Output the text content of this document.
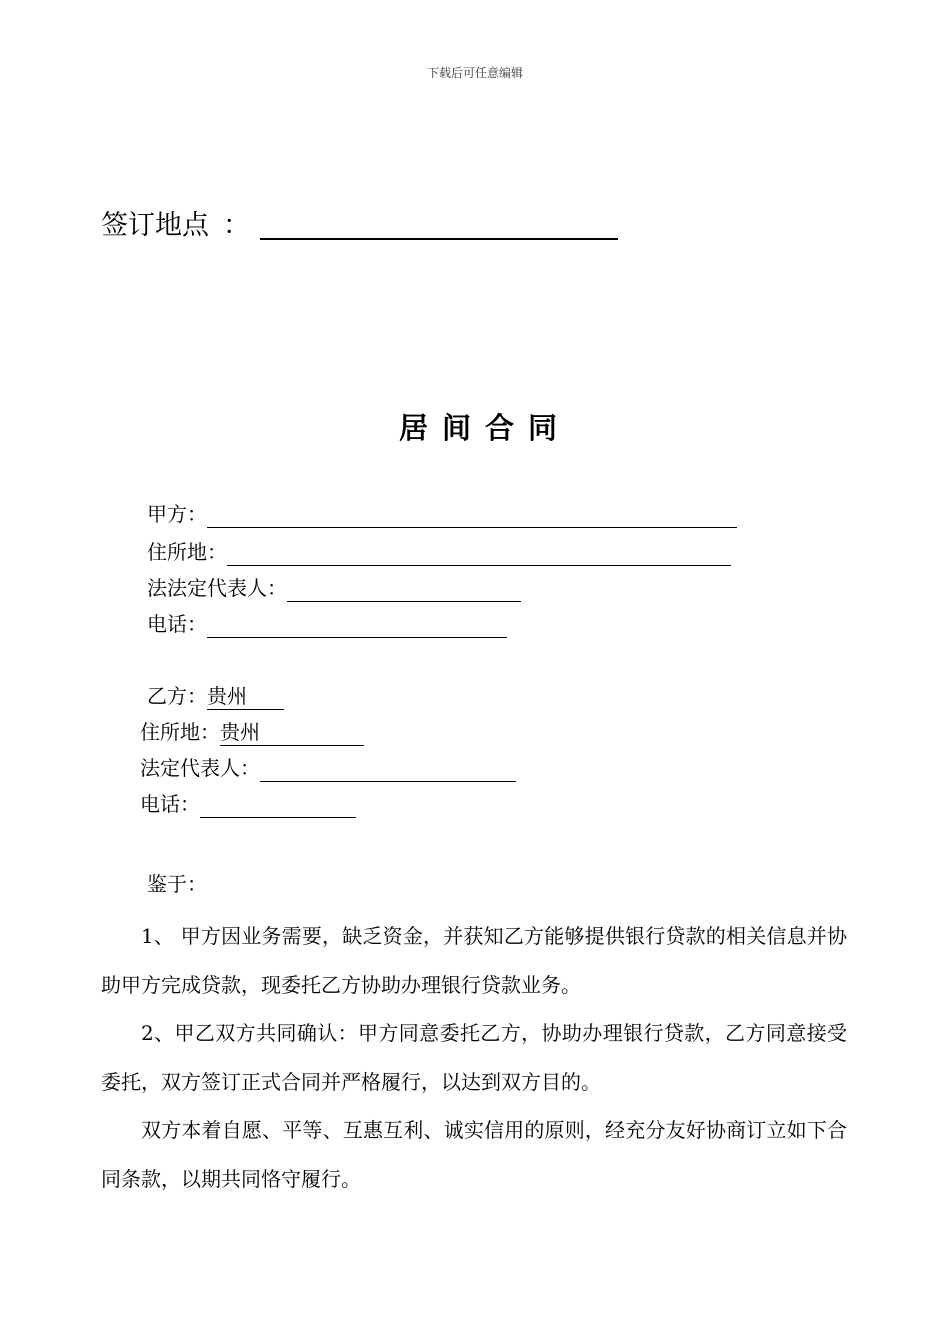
下载后可任意编辑
签订地点 ：
居间合同
甲方：
住所地：
法法定代表人：
电话：
乙方： 贵州
住所地： 贵州
法定代表人：
电话：
鉴于：
1、 甲方因业务需要，缺乏资金，并获知乙方能够提供银行贷款的相关信息并协助甲方完成贷款，现委托乙方协助办理银行贷款业务。
2、甲乙双方共同确认：甲方同意委托乙方，协助办理银行贷款，乙方同意接受委托，双方签订正式合同并严格履行，以达到双方目的。
双方本着自愿、平等、互惠互利、诚实信用的原则，经充分友好协商订立如下合同条款，以期共同恪守履行。
